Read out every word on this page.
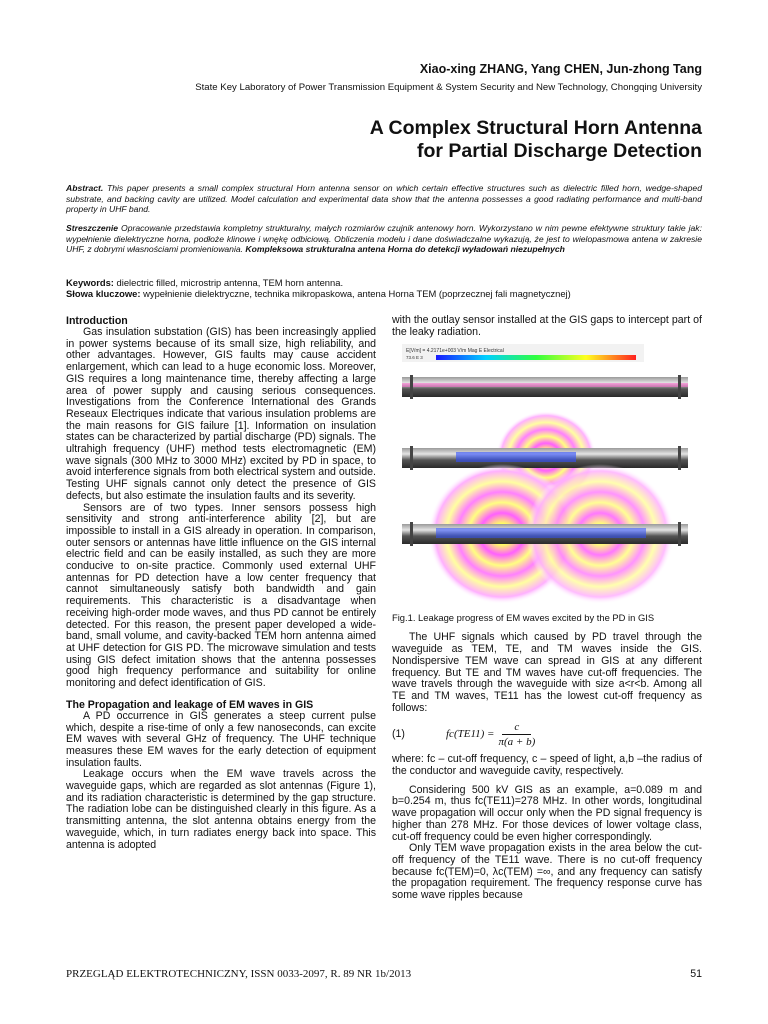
Xiao-xing ZHANG, Yang CHEN, Jun-zhong Tang
State Key Laboratory of Power Transmission Equipment & System Security and New Technology, Chongqing University
A Complex Structural Horn Antenna
for Partial Discharge Detection
Abstract. This paper presents a small complex structural Horn antenna sensor on which certain effective structures such as dielectric filled horn, wedge-shaped substrate, and backing cavity are utilized. Model calculation and experimental data show that the antenna possesses a good radiating performance and multi-band property in UHF band.
Streszczenie Opracowanie przedstawia kompletny strukturalny, małych rozmiarów czujnik antenowy horn. Wykorzystano w nim pewne efektywne struktury takie jak: wypełnienie dielektryczne horna, podłoże klinowe i wnękę odbiciową. Obliczenia modelu i dane doświadczalne wykazują, że jest to wielopasmowa antena w zakresie UHF, z dobrymi własnościami promieniowania. Kompleksowa strukturalna antena Horna do detekcji wyładowań niezupełnych
Keywords: dielectric filled, microstrip antenna, TEM horn antenna.
Słowa kluczowe: wypełnienie dielektryczne, technika mikropaskowa, antena Horna TEM (poprzecznej fali magnetycznej)
Introduction

Gas insulation substation (GIS) has been increasingly applied in power systems because of its small size, high reliability, and other advantages. However, GIS faults may cause accident enlargement, which can lead to a huge economic loss. Moreover, GIS requires a long maintenance time, thereby affecting a large area of power supply and causing serious consequences. Investigations from the Conference International des Grands Reseaux Electriques indicate that various insulation problems are the main reasons for GIS failure [1]. Information on insulation states can be characterized by partial discharge (PD) signals. The ultrahigh frequency (UHF) method tests electromagnetic (EM) wave signals (300 MHz to 3000 MHz) excited by PD in space, to avoid interference signals from both electrical system and outside. Testing UHF signals cannot only detect the presence of GIS defects, but also estimate the insulation faults and its severity.

Sensors are of two types. Inner sensors possess high sensitivity and strong anti-interference ability [2], but are impossible to install in a GIS already in operation. In comparison, outer sensors or antennas have little influence on the GIS internal electric field and can be easily installed, as such they are more conducive to on-site practice. Commonly used external UHF antennas for PD detection have a low center frequency that cannot simultaneously satisfy both bandwidth and gain requirements. This characteristic is a disadvantage when receiving high-order mode waves, and thus PD cannot be entirely detected. For this reason, the present paper developed a wide-band, small volume, and cavity-backed TEM horn antenna aimed at UHF detection for GIS PD. The microwave simulation and tests using GIS defect imitation shows that the antenna possesses good high frequency performance and suitability for online monitoring and defect identification of GIS.

The Propagation and leakage of EM waves in GIS

A PD occurrence in GIS generates a steep current pulse which, despite a rise-time of only a few nanoseconds, can excite EM waves with several GHz of frequency. The UHF technique measures these EM waves for the early detection of equipment insulation faults.

Leakage occurs when the EM wave travels across the waveguide gaps, which are regarded as slot antennas (Figure 1), and its radiation characteristic is determined by the gap structure. The radiation lobe can be distinguished clearly in this figure. As a transmitting antenna, the slot antenna obtains energy from the waveguide, which, in turn radiates energy back into space. This antenna is adopted

with the outlay sensor installed at the GIS gaps to intercept part of the leaky radiation.

E[V/m] = 4.2171e+003 V/m Mag E Electrical
73.6 E 3
Fig.1. Leakage progress of EM waves excited by the PD in GIS

The UHF signals which caused by PD travel through the waveguide as TEM, TE, and TM waves inside the GIS. Nondispersive TEM wave can spread in GIS at any different frequency. But TE and TM waves have cut-off frequencies. The wave travels through the waveguide with size a<r<b. Among all TE and TM waves, TE11 has the lowest cut-off frequency as follows:

(1)	$fc(TE11) = \frac{c}{\pi(a + b)}$

where: fc – cut-off frequency, c – speed of light, a,b –the radius of the conductor and waveguide cavity, respectively.

Considering 500 kV GIS as an example, a=0.089 m and b=0.254 m, thus fc(TE11)=278 MHz. In other words, longitudinal wave propagation will occur only when the PD signal frequency is higher than 278 MHz. For those devices of lower voltage class, cut-off frequency could be even higher correspondingly.

Only TEM wave propagation exists in the area below the cut-off frequency of the TE11 wave. There is no cut-off frequency because fc(TEM)=0, λc(TEM) =∞, and any frequency can satisfy the propagation requirement. The frequency response curve has some wave ripples because

PRZEGLĄD ELEKTROTECHNICZNY, ISSN 0033-2097, R. 89 NR 1b/2013	51
